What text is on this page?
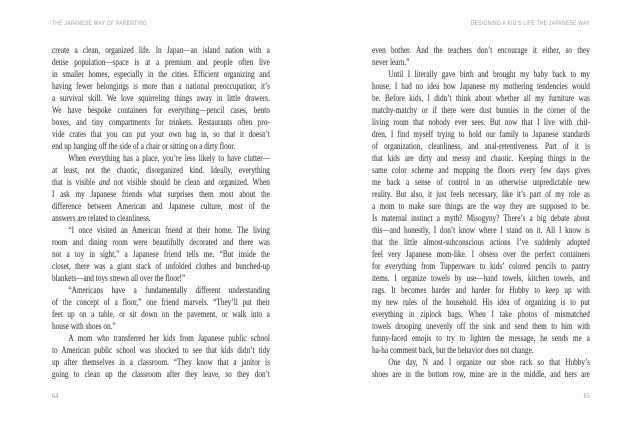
THE JAPANESE WAY OF PARENTING
create a clean, organized life. In Japan—an island nation with a
dense population—space is at a premium and people often live
in smaller homes, especially in the cities. Efficient organizing and
having fewer belongings is more than a national preoccupation; it’s
a survival skill. We love squirreling things away in little drawers.
We have bespoke containers for everything—pencil cases, bento
boxes, and tiny compartments for trinkets. Restaurants often pro-
vide crates that you can put your own bag in, so that it doesn’t
end up hanging off the side of a chair or sitting on a dirty floor.
When everything has a place, you’re less likely to have clutter—
at least, not the chaotic, disorganized kind. Ideally, everything
that is visible and not visible should be clean and organized. When
I ask my Japanese friends what surprises them most about the
difference between American and Japanese culture, most of the
answers are related to cleanliness.
“I once visited an American friend at their home. The living
room and dining room were beautifully decorated and there was
not a toy in sight,” a Japanese friend tells me. “But inside the
closet, there was a giant stack of unfolded clothes and bunched-up
blankets—and toys strewn all over the floor!”
“Americans have a fundamentally different understanding
of the concept of a floor,” one friend marvels. “They’ll put their
feet up on a table, or sit down on the pavement, or walk into a
house with shoes on.”
A mom who transferred her kids from Japanese public school
to American public school was shocked to see that kids didn’t tidy
up after themselves in a classroom. “They know that a janitor is
going to clean up the classroom after they leave, so they don’t
64
DESIGNING A KID’S LIFE THE JAPANESE WAY
even bother. And the teachers don’t encourage it either, so they
never learn.”
Until I literally gave birth and brought my baby back to my
house, I had no idea how Japanese my mothering tendencies would
be. Before kids, I didn’t think about whether all my furniture was
matchy-matchy or if there were dust bunnies in the corner of the
living room that nobody ever sees. But now that I live with chil-
dren, I find myself trying to hold our family to Japanese standards
of organization, cleanliness, and anal-retentiveness. Part of it is
that kids are dirty and messy and chaotic. Keeping things in the
same color scheme and mopping the floors every few days gives
me back a sense of control in an otherwise unpredictable new
reality. But also, it just feels necessary, like it’s part of my role as
a mom to make sure things are the way they are supposed to be.
Is maternal instinct a myth? Misogyny? There’s a big debate about
this—and honestly, I don’t know where I stand on it. All I know is
that the little almost-subconscious actions I’ve suddenly adopted
feel very Japanese mom-like. I obsess over the perfect containers
for everything from Tupperware to kids’ colored pencils to pantry
items. I organize towels by use—hand towels, kitchen towels, and
rags. It becomes harder and harder for Hubby to keep up with
my new rules of the household. His idea of organizing is to put
everything in ziplock bags. When I take photos of mismatched
towels drooping unevenly off the sink and send them to him with
funny-faced emojis to try to lighten the message, he sends me a
ha-ha comment back, but the behavior does not change.
One day, N and I organize our shoe rack so that Hubby’s
shoes are in the bottom row, mine are in the middle, and hers are
65
